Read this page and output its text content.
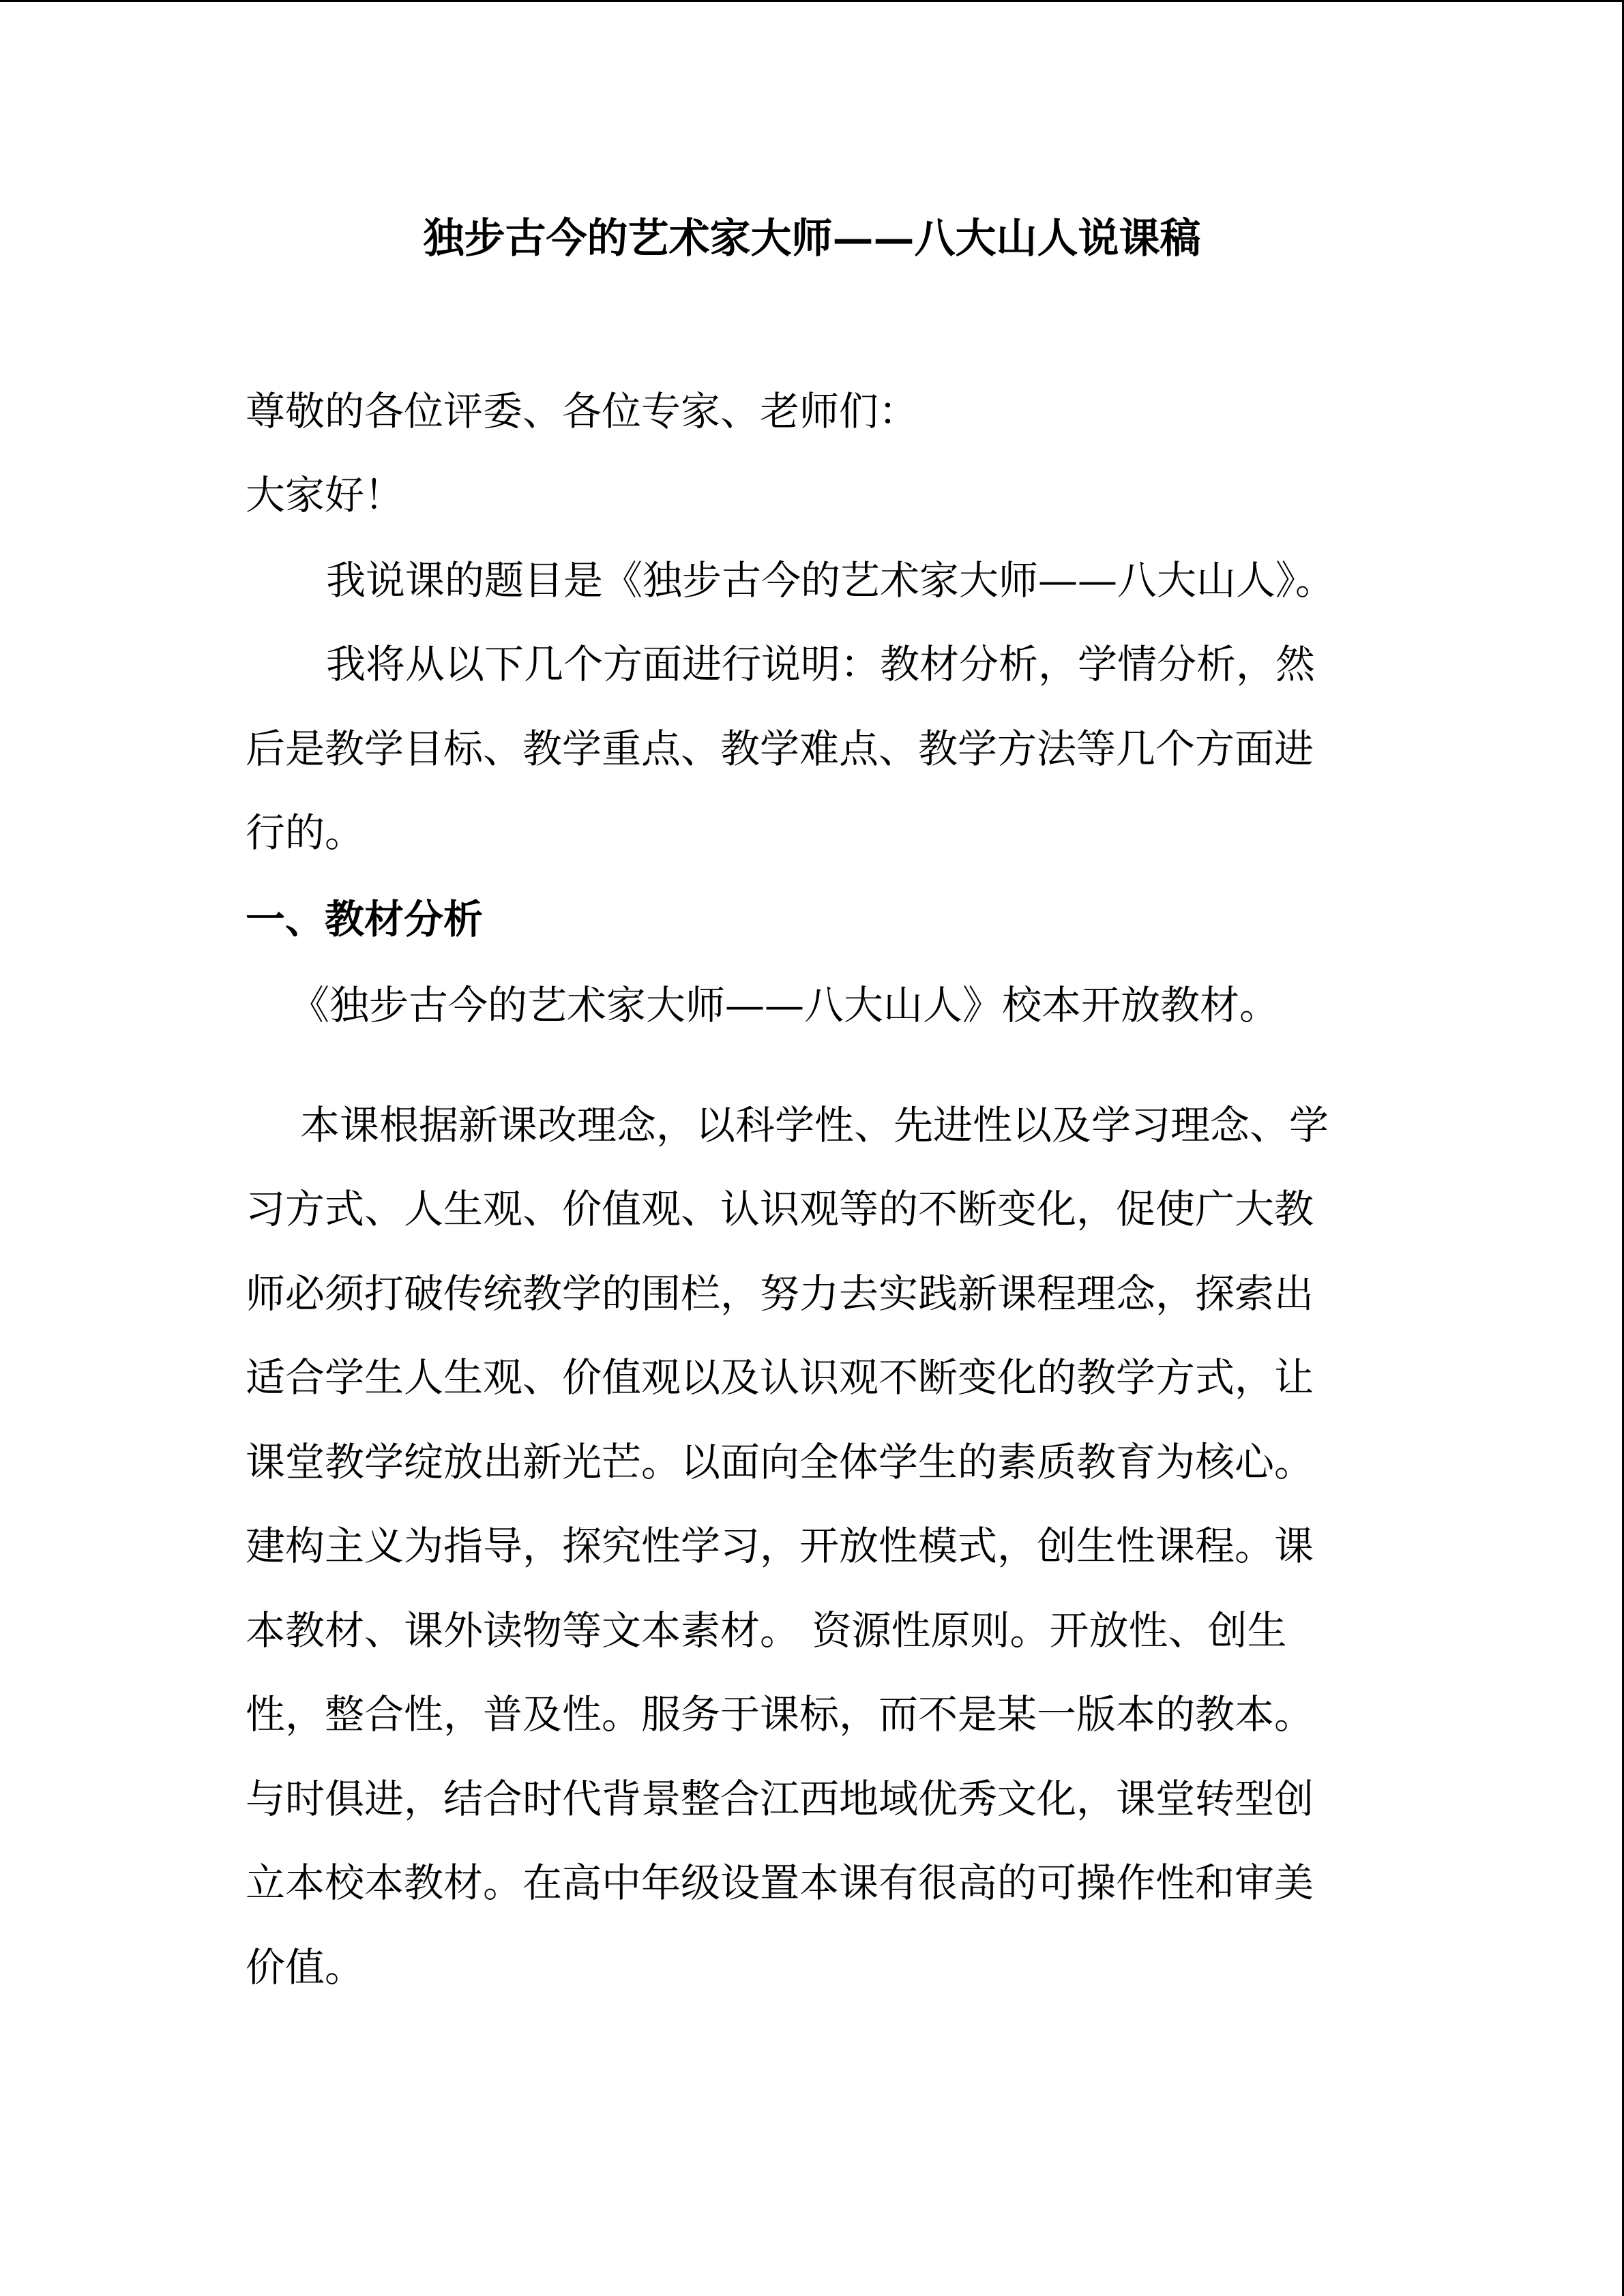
独步古今的艺术家大师——八大山人说课稿

尊敬的各位评委、各位专家、老师们：

大家好！

我说课的题目是《独步古今的艺术家大师——八大山人》。

我将从以下几个方面进行说明：教材分析，学情分析，然

后是教学目标、教学重点、教学难点、教学方法等几个方面进

行的。

一、教材分析

《独步古今的艺术家大师——八大山人》校本开放教材。

本课根据新课改理念，以科学性、先进性以及学习理念、学

习方式、人生观、价值观、认识观等的不断变化，促使广大教

师必须打破传统教学的围栏，努力去实践新课程理念，探索出

适合学生人生观、价值观以及认识观不断变化的教学方式，让

课堂教学绽放出新光芒。以面向全体学生的素质教育为核心。

建构主义为指导，探究性学习，开放性模式，创生性课程。课

本教材、课外读物等文本素材。 资源性原则。开放性、创生

性，整合性，普及性。服务于课标，而不是某一版本的教本。

与时俱进，结合时代背景整合江西地域优秀文化，课堂转型创

立本校本教材。在高中年级设置本课有很高的可操作性和审美

价值。
